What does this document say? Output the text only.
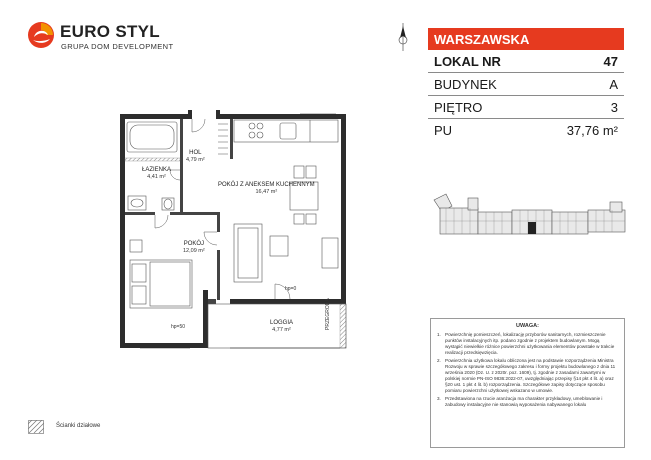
EURO STYL
GRUPA DOM DEVELOPMENT	WARSZAWSKA
LOKAL NR	47
BUDYNEK	A
PIĘTRO	3
PU	37,76 m²
HOL
4,79 m²
ŁAZIENKA
4,41 m²
POKÓJ Z ANEKSEM KUCHENNYM
16,47 m²
POKÓJ
12,09 m²
LOGGIA
4,77 m²
hp=0
hp=50	PRZEGRODA	UWAGA:
1. Powierzchnię pomieszczeń, lokalizację przyborów sanitarnych, rozmieszczenie punktów instalacyjnych itp. podano zgodnie z projektem budowlanym. Mogą wystąpić niewielkie różnice powierzchni użytkowania elementów powstałe w trakcie realizacji przedsięwzięcia.
2. Powierzchnia użytkowa lokalu obliczona jest na podstawie rozporządzenia Ministra Rozwoju w sprawie szczegółowego zakresu i formy projektu budowlanego z dnia 11 września 2020 (Dz. U. z 2020r. poz. 1609), tj. zgodnie z zasadami zawartymi w polskiej normie PN-ISO 9836:2022-07, uwzględniając przepisy §14 pkt 4 lit. a) oraz §20 ust. 1 pkt 4 lit. b) rozporządzenia. Szczegółowe zapisy dotyczące sposobu pomiaru powierzchni użytkowej wskazano w umowie.
3. Przedstawiona na rzucie aranżacja ma charakter przykładowy, umeblowanie i zabudowy instalacyjne nie stanowią wyposażenia nabywanego lokalu
Ścianki działowe
